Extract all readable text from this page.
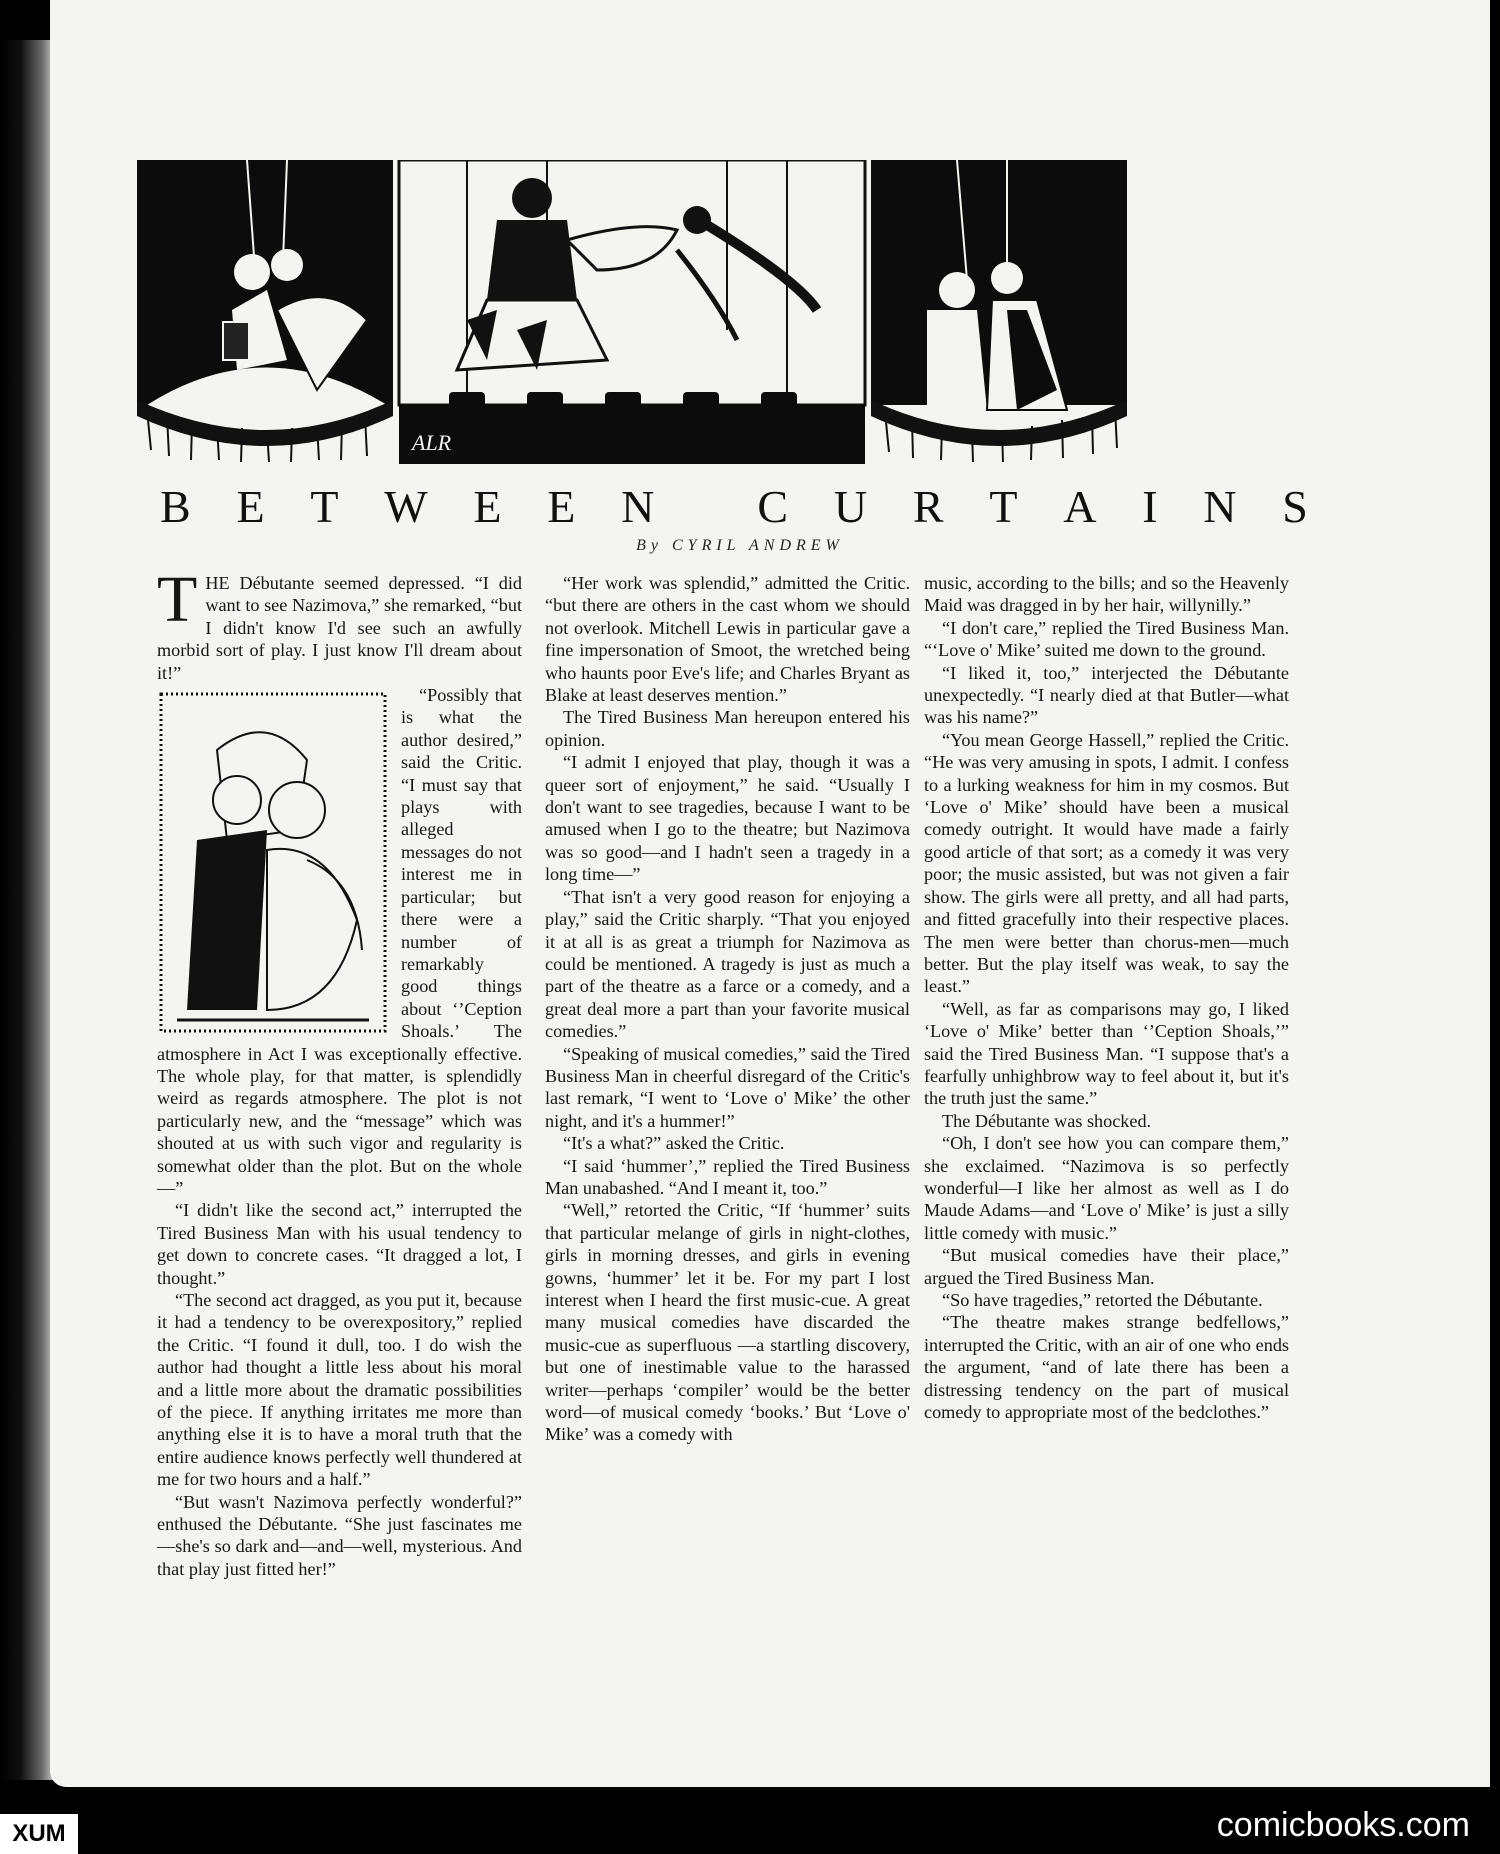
ALR
B E T W E E N
C U R T A I N S
By CYRIL ANDREW

THE Débutante seemed depressed. “I did want to see Nazimova,” she remarked, “but I didn't know I'd see such an awfully morbid sort of play. I just know I'll dream about it!”

“Possibly that is what the author desired,” said the Critic. “I must say that plays with alleged messages do not interest me in particular; but there were a number of remarkably good things about ‘’Ception Shoals.’ The atmosphere in Act I was exceptionally effective. The whole play, for that matter, is splendidly weird as regards atmosphere. The plot is not particularly new, and the “message” which was shouted at us with such vigor and regularity is somewhat older than the plot. But on the whole—”

“I didn't like the second act,” interrupted the Tired Business Man with his usual tendency to get down to concrete cases. “It dragged a lot, I thought.”

“The second act dragged, as you put it, because it had a tendency to be overexpository,” replied the Critic. “I found it dull, too. I do wish the author had thought a little less about his moral and a little more about the dramatic possibilities of the piece. If anything irritates me more than anything else it is to have a moral truth that the entire audience knows perfectly well thundered at me for two hours and a half.”

“But wasn't Nazimova perfectly wonderful?” enthused the Débutante. “She just fascinates me—she's so dark and—and—well, mysterious. And that play just fitted her!”

“Her work was splendid,” admitted the Critic. “but there are others in the cast whom we should not overlook. Mitchell Lewis in particular gave a fine impersonation of Smoot, the wretched being who haunts poor Eve's life; and Charles Bryant as Blake at least deserves mention.”

The Tired Business Man hereupon entered his opinion.

“I admit I enjoyed that play, though it was a queer sort of enjoyment,” he said. “Usually I don't want to see tragedies, because I want to be amused when I go to the theatre; but Nazimova was so good—and I hadn't seen a tragedy in a long time—”

“That isn't a very good reason for enjoying a play,” said the Critic sharply. “That you enjoyed it at all is as great a triumph for Nazimova as could be mentioned. A tragedy is just as much a part of the theatre as a farce or a comedy, and a great deal more a part than your favorite musical comedies.”

“Speaking of musical comedies,” said the Tired Business Man in cheerful disregard of the Critic's last remark, “I went to ‘Love o' Mike’ the other night, and it's a hummer!”

“It's a what?” asked the Critic.

“I said ‘hummer’,” replied the Tired Business Man unabashed. “And I meant it, too.”

“Well,” retorted the Critic, “If ‘hummer’ suits that particular melange of girls in night-clothes, girls in morning dresses, and girls in evening gowns, ‘hummer’ let it be. For my part I lost interest when I heard the first music-cue. A great many musical comedies have discarded the music-cue as superfluous —a startling discovery, but one of inestimable value to the harassed writer—perhaps ‘compiler’ would be the better word—of musical comedy ‘books.’ But ‘Love o' Mike’ was a comedy with

music, according to the bills; and so the Heavenly Maid was dragged in by her hair, willynilly.”

“I don't care,” replied the Tired Business Man. “‘Love o' Mike’ suited me down to the ground.

“I liked it, too,” interjected the Débutante unexpectedly. “I nearly died at that Butler—what was his name?”

“You mean George Hassell,” replied the Critic. “He was very amusing in spots, I admit. I confess to a lurking weakness for him in my cosmos. But ‘Love o' Mike’ should have been a musical comedy outright. It would have made a fairly good article of that sort; as a comedy it was very poor; the music assisted, but was not given a fair show. The girls were all pretty, and all had parts, and fitted gracefully into their respective places. The men were better than chorus-men—much better. But the play itself was weak, to say the least.”

“Well, as far as comparisons may go, I liked ‘Love o' Mike’ better than ‘’Ception Shoals,’” said the Tired Business Man. “I suppose that's a fearfully unhighbrow way to feel about it, but it's the truth just the same.”

The Débutante was shocked.

“Oh, I don't see how you can compare them,” she exclaimed. “Nazimova is so perfectly wonderful—I like her almost as well as I do Maude Adams—and ‘Love o' Mike’ is just a silly little comedy with music.”

“But musical comedies have their place,” argued the Tired Business Man.

“So have tragedies,” retorted the Débutante.

“The theatre makes strange bedfellows,” interrupted the Critic, with an air of one who ends the argument, “and of late there has been a distressing tendency on the part of musical comedy to appropriate most of the bedclothes.”

XUM	comicbooks.com
